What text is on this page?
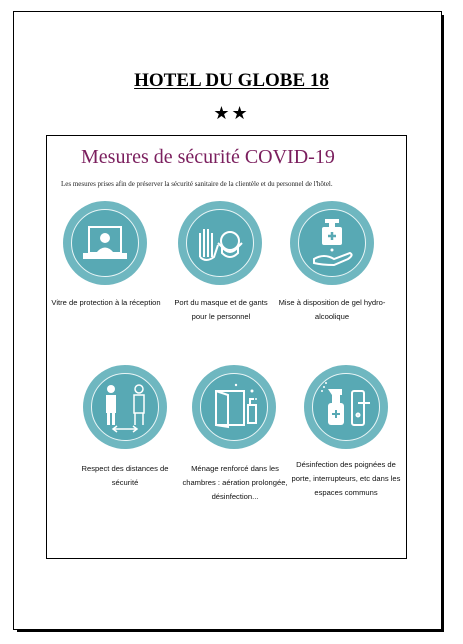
HOTEL DU GLOBE 18
★★
Mesures de sécurité COVID-19
Les mesures prises afin de préserver la sécurité sanitaire de la clientèle et du personnel de l'hôtel.
Vitre de protection à la réception	Port du masque et de gants pour le personnel
Mise à disposition de gel hydro-alcoolique
Respect des distances de sécurité
Ménage renforcé dans les chambres : aération prolongée, désinfection...
Désinfection des poignées de porte, interrupteurs, etc dans les espaces communs
